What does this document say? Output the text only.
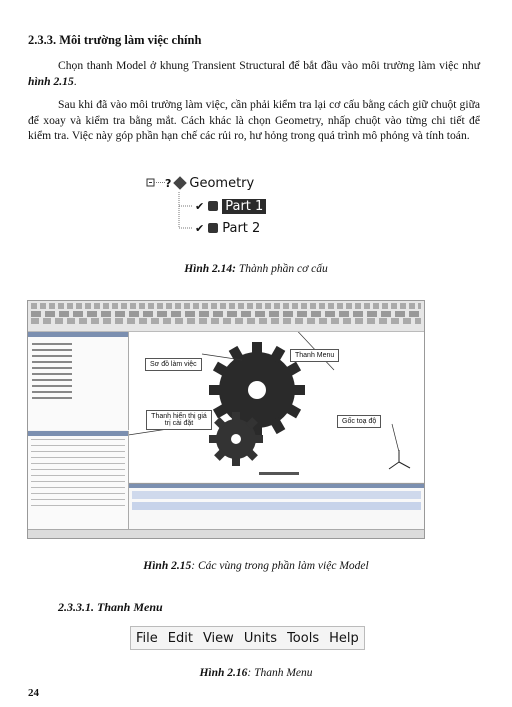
2.3.3. Môi trường làm việc chính
Chọn thanh Model ở khung Transient Structural để bắt đầu vào môi trường làm việc như hình 2.15.
Sau khi đã vào môi trường làm việc, cần phải kiểm tra lại cơ cấu bằng cách giữ chuột giữa để xoay và kiểm tra bằng mắt. Cách khác là chọn Geometry, nhấp chuột vào từng chi tiết để kiểm tra. Việc này góp phần hạn chế các rủi ro, hư hỏng trong quá trình mô phỏng và tính toán.
? Geometry
✔ Part 1
✔ Part 2
Hình 2.14: Thành phần cơ cấu
Thanh Menu
Sơ đồ làm việc
Thanh hiển thị giá trị cài đặt	Gốc toạ độ
Hình 2.15: Các vùng trong phần làm việc Model
2.3.3.1. Thanh Menu
File Edit View Units Tools Help
Hình 2.16: Thanh Menu
24
